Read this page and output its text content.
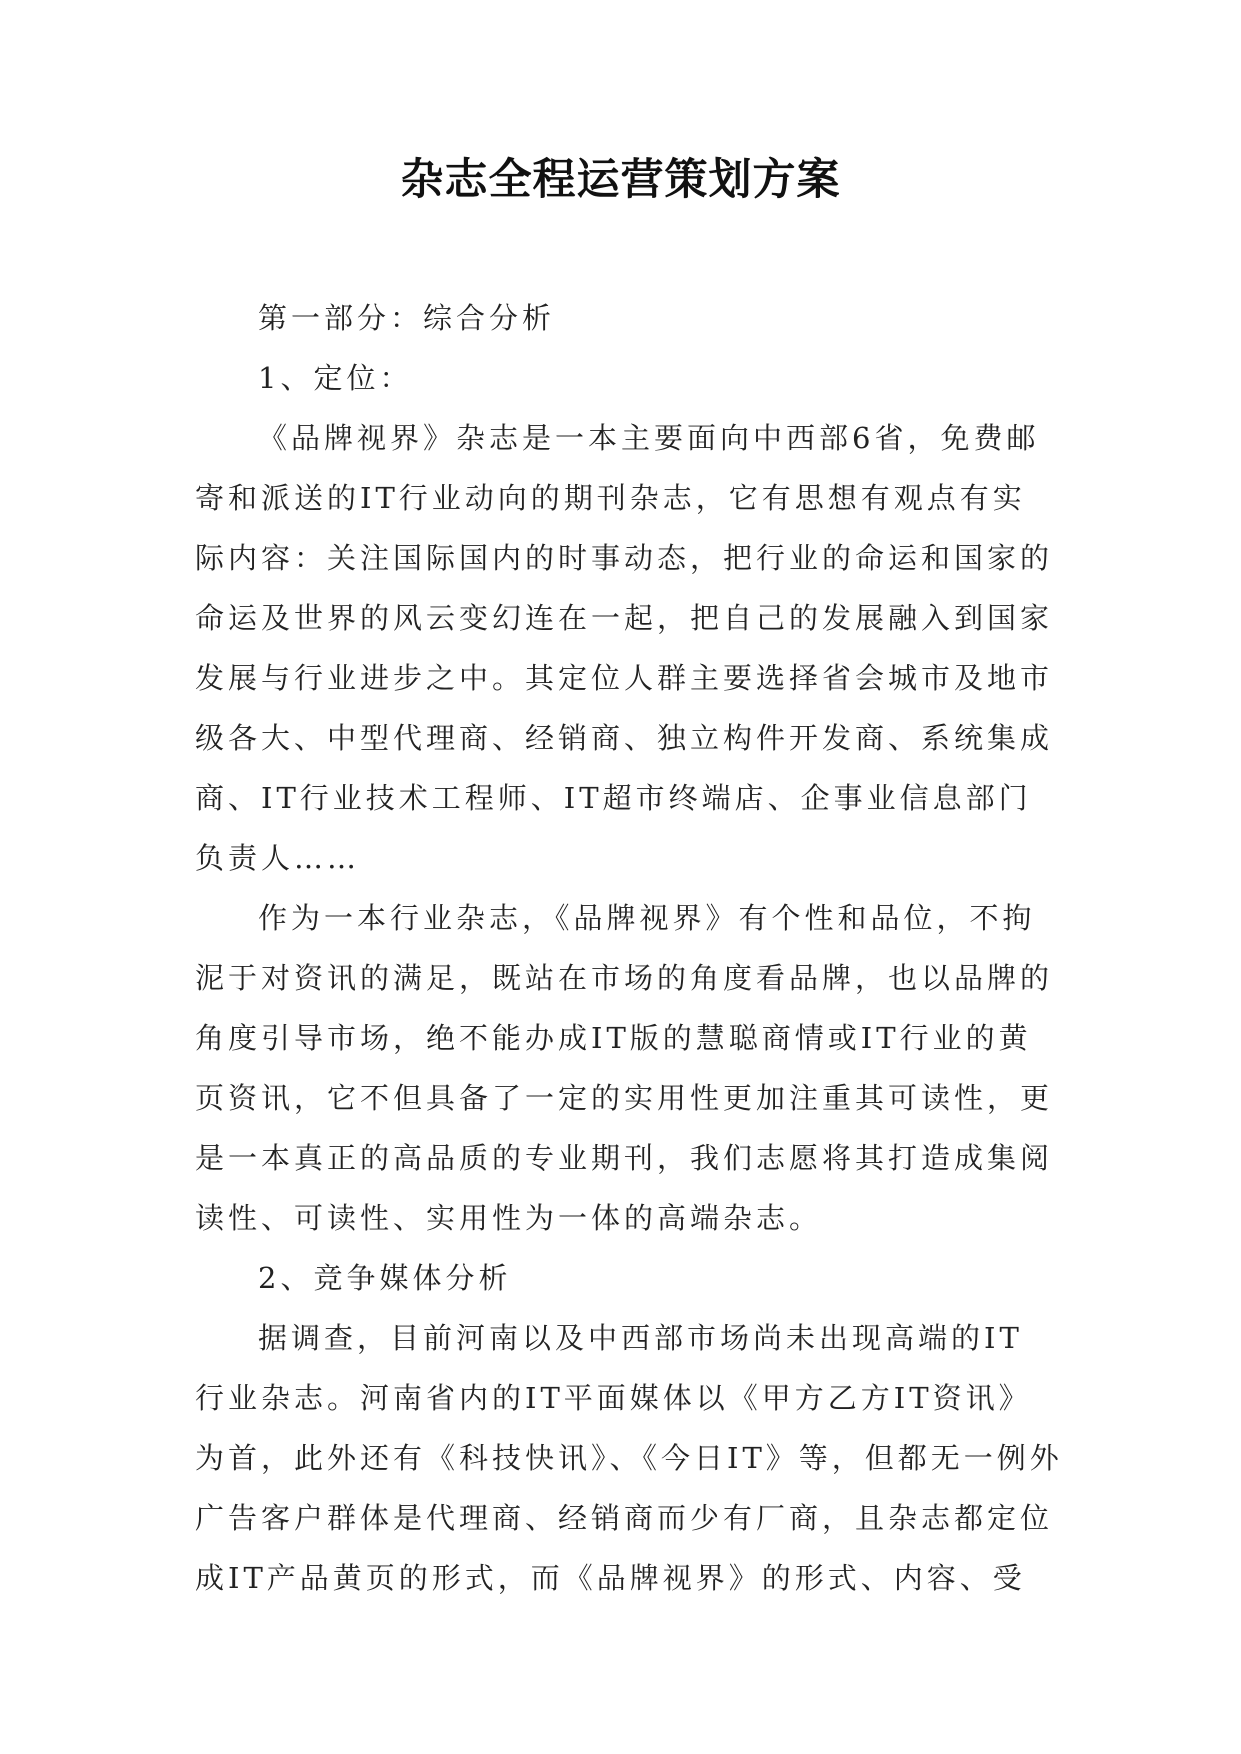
杂志全程运营策划方案
第一部分：综合分析
1、定位：
《品牌视界》杂志是一本主要面向中西部6省，免费邮
寄和派送的IT行业动向的期刊杂志，它有思想有观点有实
际内容：关注国际国内的时事动态，把行业的命运和国家的
命运及世界的风云变幻连在一起，把自己的发展融入到国家
发展与行业进步之中。其定位人群主要选择省会城市及地市
级各大、中型代理商、经销商、独立构件开发商、系统集成
商、IT行业技术工程师、IT超市终端店、企事业信息部门
负责人……
作为一本行业杂志，《品牌视界》有个性和品位，不拘
泥于对资讯的满足，既站在市场的角度看品牌，也以品牌的
角度引导市场，绝不能办成IT版的慧聪商情或IT行业的黄
页资讯，它不但具备了一定的实用性更加注重其可读性，更
是一本真正的高品质的专业期刊，我们志愿将其打造成集阅
读性、可读性、实用性为一体的高端杂志。
2、竞争媒体分析
据调查，目前河南以及中西部市场尚未出现高端的IT
行业杂志。河南省内的IT平面媒体以《甲方乙方IT资讯》
为首，此外还有《科技快讯》、《今日IT》等，但都无一例外
广告客户群体是代理商、经销商而少有厂商，且杂志都定位
成IT产品黄页的形式，而《品牌视界》的形式、内容、受
